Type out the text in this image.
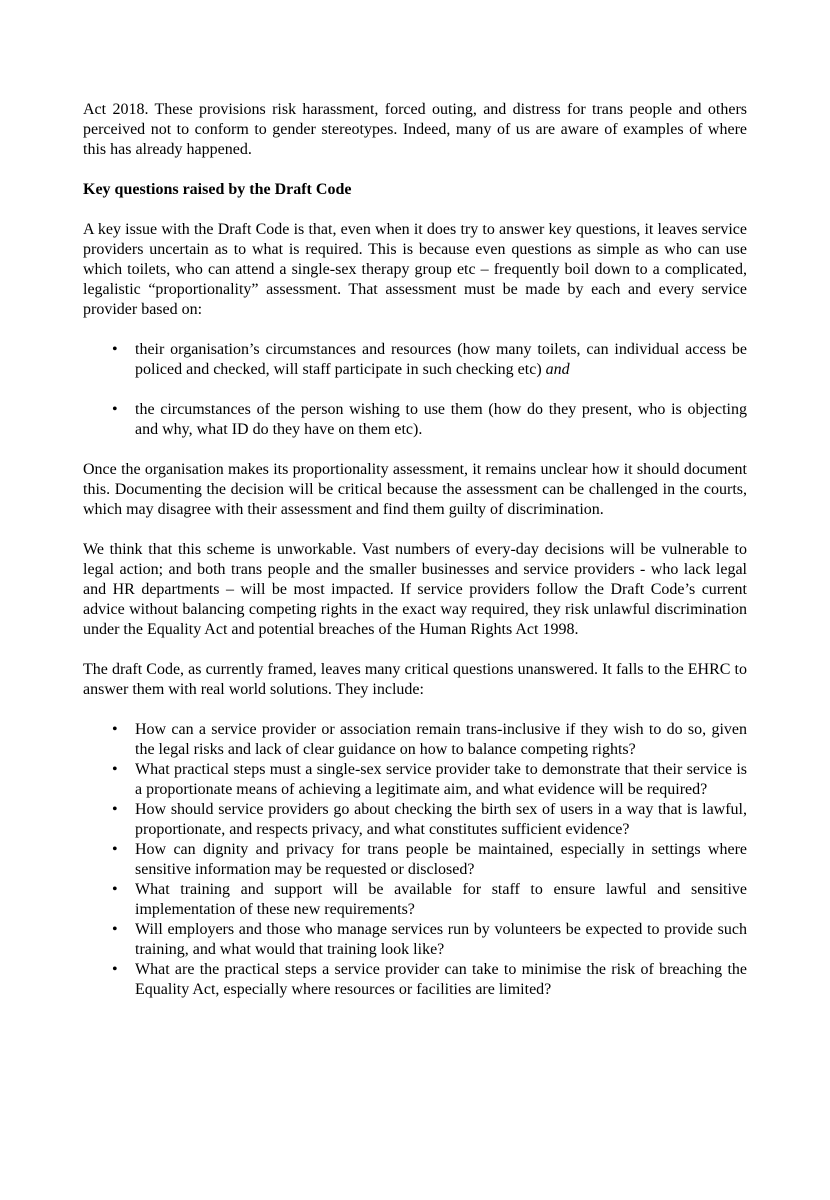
Act 2018. These provisions risk harassment, forced outing, and distress for trans people and others perceived not to conform to gender stereotypes. Indeed, many of us are aware of examples of where this has already happened.

Key questions raised by the Draft Code

A key issue with the Draft Code is that, even when it does try to answer key questions, it leaves service providers uncertain as to what is required. This is because even questions as simple as who can use which toilets, who can attend a single-sex therapy group etc – frequently boil down to a complicated, legalistic “proportionality” assessment. That assessment must be made by each and every service provider based on:

•	their organisation’s circumstances and resources (how many toilets, can individual access be policed and checked, will staff participate in such checking etc) and
•	the circumstances of the person wishing to use them (how do they present, who is objecting and why, what ID do they have on them etc).

Once the organisation makes its proportionality assessment, it remains unclear how it should document this. Documenting the decision will be critical because the assessment can be challenged in the courts, which may disagree with their assessment and find them guilty of discrimination.

We think that this scheme is unworkable. Vast numbers of every-day decisions will be vulnerable to legal action; and both trans people and the smaller businesses and service providers - who lack legal and HR departments – will be most impacted. If service providers follow the Draft Code’s current advice without balancing competing rights in the exact way required, they risk unlawful discrimination under the Equality Act and potential breaches of the Human Rights Act 1998.

The draft Code, as currently framed, leaves many critical questions unanswered. It falls to the EHRC to answer them with real world solutions. They include:

•	How can a service provider or association remain trans-inclusive if they wish to do so, given the legal risks and lack of clear guidance on how to balance competing rights?
•	What practical steps must a single-sex service provider take to demonstrate that their service is a proportionate means of achieving a legitimate aim, and what evidence will be required?
•	How should service providers go about checking the birth sex of users in a way that is lawful, proportionate, and respects privacy, and what constitutes sufficient evidence?
•	How can dignity and privacy for trans people be maintained, especially in settings where sensitive information may be requested or disclosed?
•	What training and support will be available for staff to ensure lawful and sensitive implementation of these new requirements?
•	Will employers and those who manage services run by volunteers be expected to provide such training, and what would that training look like?
•	What are the practical steps a service provider can take to minimise the risk of breaching the Equality Act, especially where resources or facilities are limited?
